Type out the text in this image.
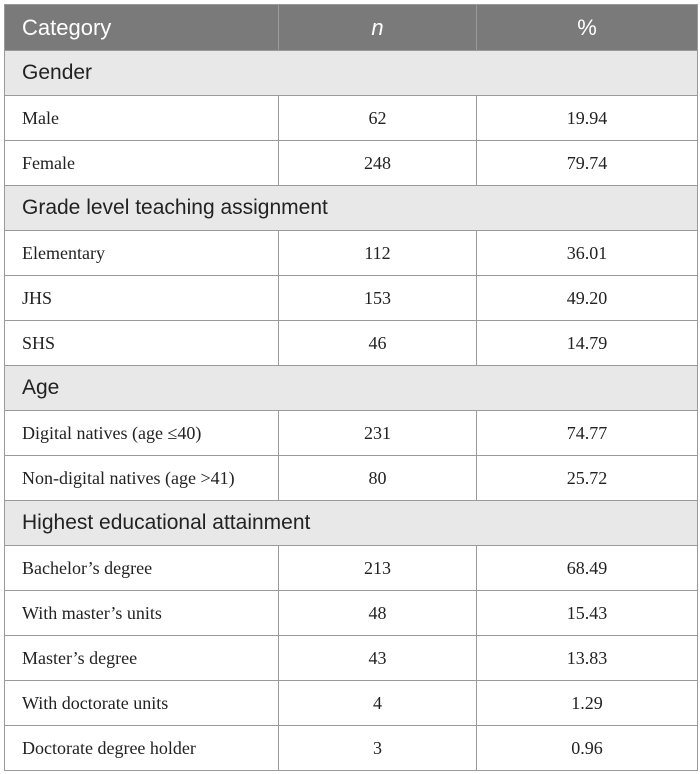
Category	n	%
Gender		
Male	62	19.94
Female	248	79.74
Grade level teaching assignment		
Elementary	112	36.01
JHS	153	49.20
SHS	46	14.79
Age		
Digital natives (age ≤40)	231	74.77
Non-digital natives (age >41)	80	25.72
Highest educational attainment		
Bachelor’s degree	213	68.49
With master’s units	48	15.43
Master’s degree	43	13.83
With doctorate units	4	1.29
Doctorate degree holder	3	0.96
